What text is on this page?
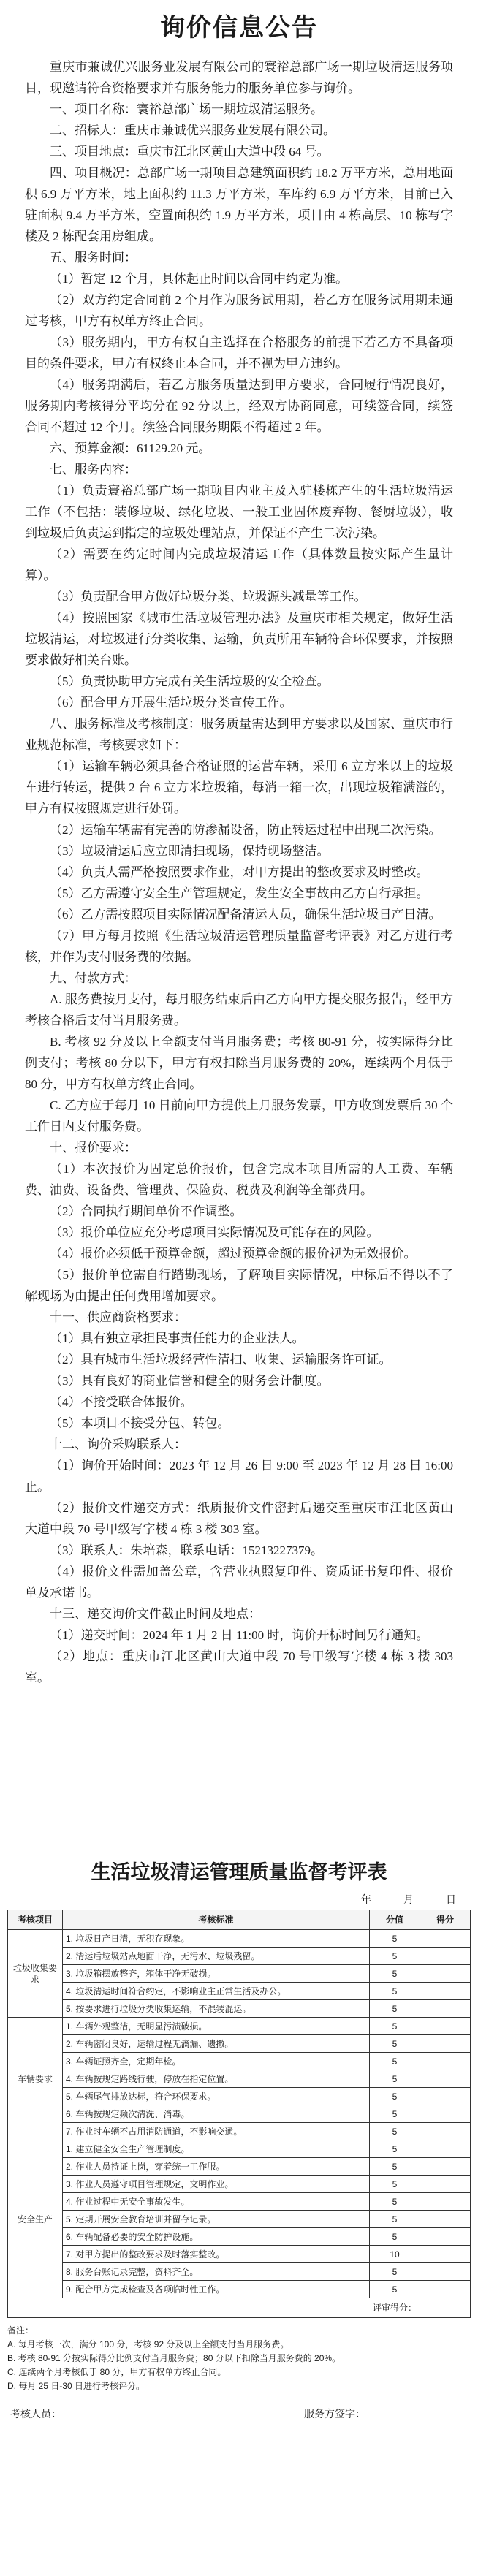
询价信息公告

重庆市兼诚优兴服务业发展有限公司的寰裕总部广场一期垃圾清运服务项目，现邀请符合资格要求并有服务能力的服务单位参与询价。

一、项目名称：寰裕总部广场一期垃圾清运服务。

二、招标人：重庆市兼诚优兴服务业发展有限公司。

三、项目地点：重庆市江北区黄山大道中段 64 号。

四、项目概况：总部广场一期项目总建筑面积约 18.2 万平方米，总用地面积 6.9 万平方米，地上面积约 11.3 万平方米，车库约 6.9 万平方米，目前已入驻面积 9.4 万平方米，空置面积约 1.9 万平方米，项目由 4 栋高层、10 栋写字楼及 2 栋配套用房组成。

五、服务时间：

（1）暂定 12 个月，具体起止时间以合同中约定为准。

（2）双方约定合同前 2 个月作为服务试用期，若乙方在服务试用期未通过考核，甲方有权单方终止合同。

（3）服务期内，甲方有权自主选择在合格服务的前提下若乙方不具备项目的条件要求，甲方有权终止本合同，并不视为甲方违约。

（4）服务期满后，若乙方服务质量达到甲方要求，合同履行情况良好，服务期内考核得分平均分在 92 分以上，经双方协商同意，可续签合同，续签合同不超过 12 个月。续签合同服务期限不得超过 2 年。

六、预算金额：61129.20 元。

七、服务内容：

（1）负责寰裕总部广场一期项目内业主及入驻楼栋产生的生活垃圾清运工作（不包括：装修垃圾、绿化垃圾、一般工业固体废弃物、餐厨垃圾），收到垃圾后负责运到指定的垃圾处理站点，并保证不产生二次污染。

（2）需要在约定时间内完成垃圾清运工作（具体数量按实际产生量计算）。

（3）负责配合甲方做好垃圾分类、垃圾源头减量等工作。

（4）按照国家《城市生活垃圾管理办法》及重庆市相关规定，做好生活垃圾清运，对垃圾进行分类收集、运输，负责所用车辆符合环保要求，并按照要求做好相关台账。

（5）负责协助甲方完成有关生活垃圾的安全检查。

（6）配合甲方开展生活垃圾分类宣传工作。

八、服务标准及考核制度：服务质量需达到甲方要求以及国家、重庆市行业规范标准，考核要求如下：

（1）运输车辆必须具备合格证照的运营车辆，采用 6 立方米以上的垃圾车进行转运，提供 2 台 6 立方米垃圾箱，每消一箱一次，出现垃圾箱满溢的，甲方有权按照规定进行处罚。

（2）运输车辆需有完善的防渗漏设备，防止转运过程中出现二次污染。

（3）垃圾清运后应立即清扫现场，保持现场整洁。

（4）负责人需严格按照要求作业，对甲方提出的整改要求及时整改。

（5）乙方需遵守安全生产管理规定，发生安全事故由乙方自行承担。

（6）乙方需按照项目实际情况配备清运人员，确保生活垃圾日产日清。

（7）甲方每月按照《生活垃圾清运管理质量监督考评表》对乙方进行考核，并作为支付服务费的依据。

九、付款方式：

A. 服务费按月支付，每月服务结束后由乙方向甲方提交服务报告，经甲方考核合格后支付当月服务费。

B. 考核 92 分及以上全额支付当月服务费；考核 80-91 分，按实际得分比例支付；考核 80 分以下，甲方有权扣除当月服务费的 20%，连续两个月低于 80 分，甲方有权单方终止合同。

C. 乙方应于每月 10 日前向甲方提供上月服务发票，甲方收到发票后 30 个工作日内支付服务费。

十、报价要求：

（1）本次报价为固定总价报价，包含完成本项目所需的人工费、车辆费、油费、设备费、管理费、保险费、税费及利润等全部费用。

（2）合同执行期间单价不作调整。

（3）报价单位应充分考虑项目实际情况及可能存在的风险。

（4）报价必须低于预算金额，超过预算金额的报价视为无效报价。

（5）报价单位需自行踏勘现场，了解项目实际情况，中标后不得以不了解现场为由提出任何费用增加要求。

十一、供应商资格要求：

（1）具有独立承担民事责任能力的企业法人。

（2）具有城市生活垃圾经营性清扫、收集、运输服务许可证。

（3）具有良好的商业信誉和健全的财务会计制度。

（4）不接受联合体报价。

（5）本项目不接受分包、转包。

十二、询价采购联系人：

（1）询价开始时间：2023 年 12 月 26 日 9:00 至 2023 年 12 月 28 日 16:00 止。

（2）报价文件递交方式：纸质报价文件密封后递交至重庆市江北区黄山大道中段 70 号甲级写字楼 4 栋 3 楼 303 室。

（3）联系人：朱培森，联系电话：15213227379。

（4）报价文件需加盖公章，含营业执照复印件、资质证书复印件、报价单及承诺书。

十三、递交询价文件截止时间及地点：

（1）递交时间：2024 年 1 月 2 日 11:00 时，询价开标时间另行通知。

（2）地点：重庆市江北区黄山大道中段 70 号甲级写字楼 4 栋 3 楼 303 室。

生活垃圾清运管理质量监督考评表
年	月	日
考核项目	考核标准	分值	得分
垃圾收集要求	1. 垃圾日产日清，无积存现象。	5	
	2. 清运后垃圾站点地面干净，无污水、垃圾残留。	5	
	3. 垃圾箱摆放整齐，箱体干净无破损。	5	
	4. 垃圾清运时间符合约定，不影响业主正常生活及办公。	5	
	5. 按要求进行垃圾分类收集运输，不混装混运。	5	
车辆要求	1. 车辆外观整洁，无明显污渍破损。	5	
	2. 车辆密闭良好，运输过程无滴漏、遗撒。	5	
	3. 车辆证照齐全，定期年检。	5	
	4. 车辆按规定路线行驶，停放在指定位置。	5	
	5. 车辆尾气排放达标，符合环保要求。	5	
	6. 车辆按规定频次清洗、消毒。	5	
	7. 作业时车辆不占用消防通道，不影响交通。	5	
安全生产	1. 建立健全安全生产管理制度。	5	
	2. 作业人员持证上岗，穿着统一工作服。	5	
	3. 作业人员遵守项目管理规定，文明作业。	5	
	4. 作业过程中无安全事故发生。	5	
	5. 定期开展安全教育培训并留存记录。	5	
	6. 车辆配备必要的安全防护设施。	5	
	7. 对甲方提出的整改要求及时落实整改。	10	
	8. 服务台账记录完整，资料齐全。	5	
	9. 配合甲方完成检查及各项临时性工作。	5	
评审得分：			

备注：

A. 每月考核一次，满分 100 分，考核 92 分及以上全额支付当月服务费。

B. 考核 80-91 分按实际得分比例支付当月服务费；80 分以下扣除当月服务费的 20%。

C. 连续两个月考核低于 80 分，甲方有权单方终止合同。

D. 每月 25 日-30 日进行考核评分。

考核人员：	服务方签字：
